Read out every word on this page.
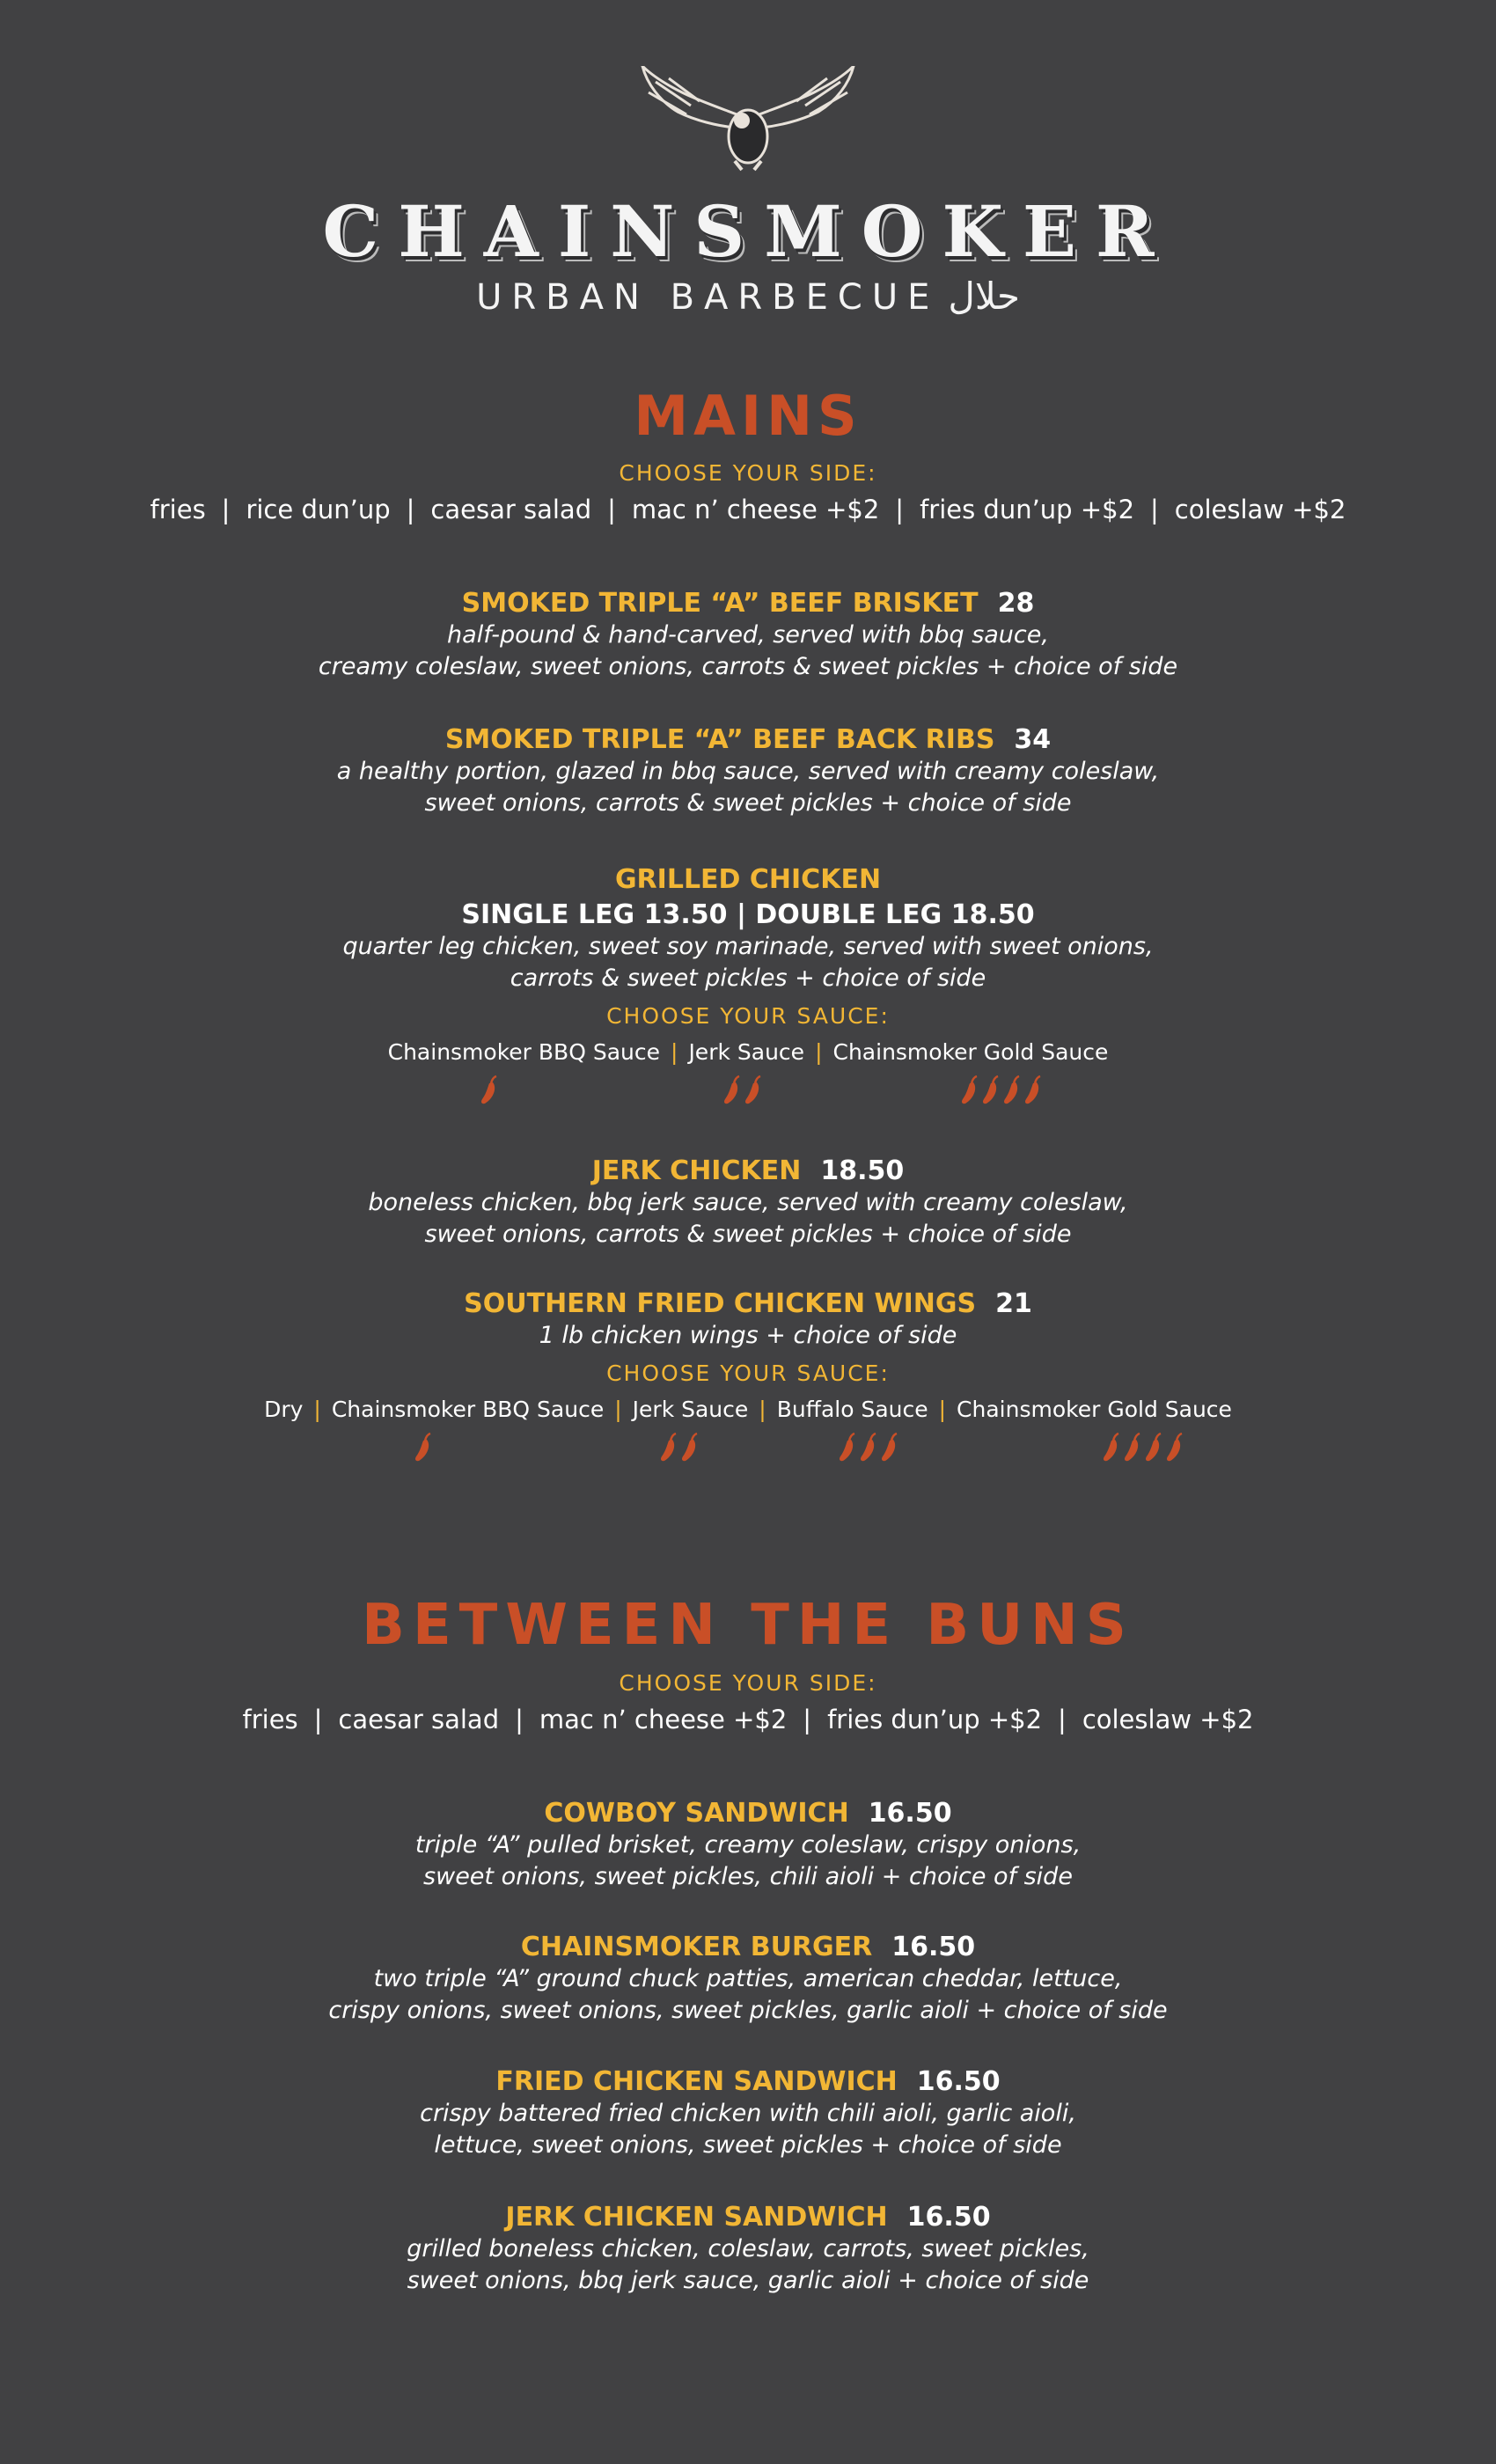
CHAINSMOKER
URBAN BARBECUE حلال
MAINS
BETWEEN THE BUNS
CHOOSE YOUR SIDE:
fries | rice dun’up | caesar salad | mac n’ cheese +$2 | fries dun’up +$2 | coleslaw +$2
SMOKED TRIPLE “A” BEEF BRISKET 28
half-pound & hand-carved, served with bbq sauce,
creamy coleslaw, sweet onions, carrots & sweet pickles + choice of side
SMOKED TRIPLE “A” BEEF BACK RIBS 34
a healthy portion, glazed in bbq sauce, served with creamy coleslaw,
sweet onions, carrots & sweet pickles + choice of side
GRILLED CHICKEN
SINGLE LEG 13.50 | DOUBLE LEG 18.50
quarter leg chicken, sweet soy marinade, served with sweet onions,
carrots & sweet pickles + choice of side
CHOOSE YOUR SAUCE:
Chainsmoker BBQ Sauce | Jerk Sauce | Chainsmoker Gold Sauce
JERK CHICKEN 18.50
boneless chicken, bbq jerk sauce, served with creamy coleslaw,
sweet onions, carrots & sweet pickles + choice of side
SOUTHERN FRIED CHICKEN WINGS 21
1 lb chicken wings + choice of side
CHOOSE YOUR SAUCE:
Dry | Chainsmoker BBQ Sauce | Jerk Sauce | Buffalo Sauce | Chainsmoker Gold Sauce
CHOOSE YOUR SIDE:
fries | caesar salad | mac n’ cheese +$2 | fries dun’up +$2 | coleslaw +$2
COWBOY SANDWICH 16.50
triple “A” pulled brisket, creamy coleslaw, crispy onions,
sweet onions, sweet pickles, chili aioli + choice of side
CHAINSMOKER BURGER 16.50
two triple “A” ground chuck patties, american cheddar, lettuce,
crispy onions, sweet onions, sweet pickles, garlic aioli + choice of side
FRIED CHICKEN SANDWICH 16.50
crispy battered fried chicken with chili aioli, garlic aioli,
lettuce, sweet onions, sweet pickles + choice of side
JERK CHICKEN SANDWICH 16.50
grilled boneless chicken, coleslaw, carrots, sweet pickles,
sweet onions, bbq jerk sauce, garlic aioli + choice of side
